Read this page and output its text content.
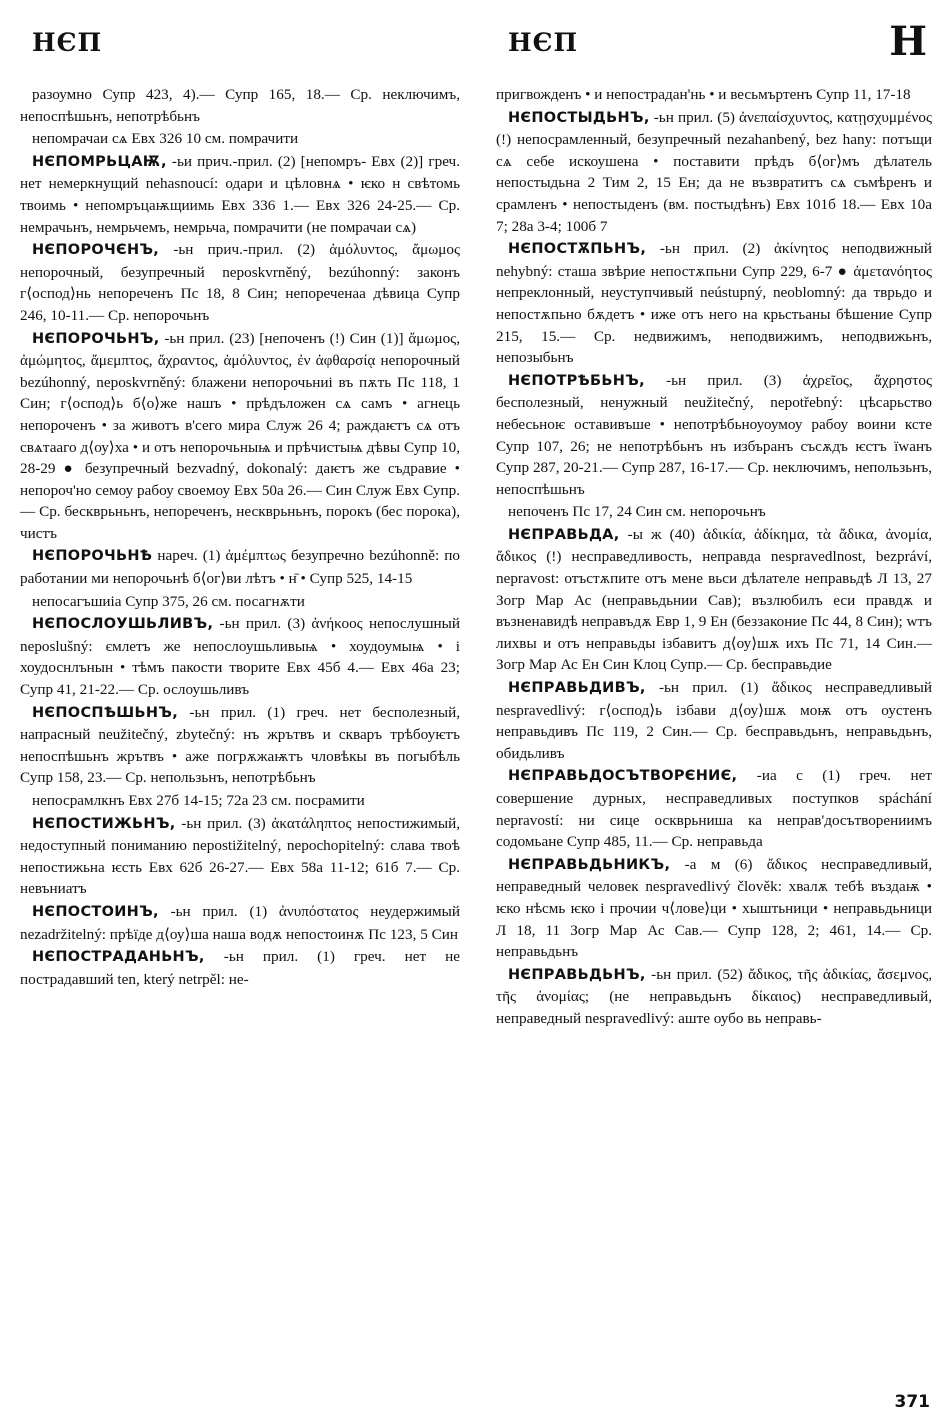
НЄП	НЄП	Н

разоумно Супр 423, 4).— Супр 165, 18.— Ср. неключимъ, непоспѣшьнъ, непотрѣбьнъ

непомрачаи сѧ Евх 326 10 см. помрачити

НЄПОМРЬЦАѬ, -ьи прич.-прил. (2) [непомръ- Евх (2)] греч. нет немеркнущий nehasnoucí: одари и цѣловнѧ • ѥко н свѣтомь твоимь • непомръцаѭщиимь Евх 336 1.— Евх 326 24-25.— Ср. немрачьнъ, немрьчемъ, немрьча, помрачити (не помрачаи сѧ)

НЄПОРОЧЄНЪ, -ьн прич.-прил. (2) ἀμόλυντος, ἄμωμος непорочный, безупречный neposkvrněný, bezúhonný: законъ г⟨оспод⟩нь непореченъ Пс 18, 8 Син; непореченаа дѣвица Супр 246, 10-11.— Ср. непорочьнъ

НЄПОРОЧЬНЪ, -ьн прил. (23) [непоченъ (!) Син (1)] ἄμωμος, ἀμώμητος, ἄμεμπτος, ἄχραντος, ἀμόλυντος, ἐν ἀφθαρσίᾳ непорочный bezúhonný, neposkvrněný: блажени непорочьниі въ пѫть Пс 118, 1 Син; г⟨оспод⟩ь б⟨о⟩же нашъ • прѣдъложен сѧ самъ • агнець непороченъ • за животъ в'сего мира Служ 26 4; раждаѥтъ сѧ отъ свѧтааго д⟨оу⟩ха • и отъ непорочьныѩ и прѣчистыѩ дѣвы Супр 10, 28-29 ● безупречный bezvadný, dokonalý: даѥтъ же съдравие • непороч'но семоу рабоу своемоу Евх 50а 26.— Син Служ Евх Супр.— Ср. бескврьньнъ, непореченъ, нескврьньнъ, порокъ (бес порока), чистъ

НЄПОРОЧЬНѢ нареч. (1) ἀμέμπτως безупречно bezúhonně: по работании ми непорочьнѣ б⟨ог⟩ви лѣтъ • н̄ • Супр 525, 14-15

непосагъшиіа Супр 375, 26 см. посагнѫти

НЄПОСЛОУШЬЛИВЪ, -ьн прил. (3) ἀνήκοος непослушный neposlušný: ємлетъ же непослоушьливыѩ • хоудоумыѩ • і хоудоснлънын • тѣмъ пакости творите Евх 45б 4.— Евх 46а 23; Супр 41, 21-22.— Ср. ослоушьливъ

НЄПОСПѢШЬНЪ, -ьн прил. (1) греч. нет бесполезный, напрасный neužitečný, zbytečný: нъ жрътвъ и скваръ трѣбоуѥтъ непоспѣшьнъ жрътвъ • аже погрѫжаѭтъ чловѣкы въ погыбѣль Супр 158, 23.— Ср. непользьнъ, непотрѣбьнъ

непосрамлкнъ Евх 27б 14-15; 72а 23 см. посрамити

НЄПОСТИЖЬНЪ, -ьн прил. (3) ἀκατάληπτος непостижимый, недоступный пониманию nepostižitelný, nepochopitelný: слава твоѣ непостижьна ѥсть Евх 62б 26-27.— Евх 58а 11-12; 61б 7.— Ср. невъниатъ

НЄПОСТОИНЪ, -ьн прил. (1) ἀνυπόστατος неудержимый nezadržitelný: прѣїде д⟨оу⟩ша наша водѫ непостоинѫ Пс 123, 5 Син

НЄПОСТРАДАНЬНЪ, -ьн прил. (1) греч. нет не пострадавший ten, který netrpěl: не-

пригвожденъ • и непострадан'нь • и весьмъртенъ Супр 11, 17-18

НЄПОСТЫДЬНЪ, -ьн прил. (5) ἀνεπαίσχυντος, κατῃσχυμμένος (!) непосрамленный, безупречный nezahanbený, bez hany: потъщи сѧ себе искоушена • поставити прѣдъ б⟨ог⟩мъ дѣлатель непостыдьна 2 Тим 2, 15 Ен; да не възвратитъ сѧ съмѣренъ и срамленъ • непостыденъ (вм. постыдѣнъ) Евх 101б 18.— Евх 10а 7; 28а 3-4; 100б 7

НЄПОСТѪПЬНЪ, -ьн прил. (2) ἀκίνητος неподвижный nehybný: сташа звѣрие непостѫпьни Супр 229, 6-7 ● ἀμετανόητος непреклонный, неуступчивый neústupný, neoblomný: да тврьдо и непостѫпьно бѫдетъ • иже отъ него на крьстьаны бѣшение Супр 215, 15.— Ср. недвижимъ, неподвижимъ, неподвижьнъ, непозыбьнъ

НЄПОТРѢБЬНЪ, -ьн прил. (3) ἀχρεῖος, ἄχρηστος бесполезный, ненужный neužitečný, nepotřebný: цѣсарьство небесьноѥ оставивъше • непотрѣбьноуоумоу рабоу воини ксте Супр 107, 26; не непотрѣбьнъ нъ избъранъ съсѫдъ ѥстъ їwанъ Супр 287, 20-21.— Супр 287, 16-17.— Ср. неключимъ, непользьнъ, непоспѣшьнъ

непоченъ Пс 17, 24 Син см. непорочьнъ

НЄПРАВЬДА, -ы ж (40) ἀδικία, ἀδίκημα, τὰ ἄδικα, ἀνομία, ἄδικος (!) несправедливость, неправда nespravedlnost, bezpráví, nepravost: отъстѫпите отъ мене вьси дѣлателе неправьдѣ Л 13, 27 Зогр Мар Ас (неправьдьнии Сав); възлюбилъ еси правдѫ и възненавидѣ неправъдѫ Евр 1, 9 Ен (беззаконие Пс 44, 8 Син); wтъ лихвы и отъ неправьды ізбавитъ д⟨оу⟩шѫ ихъ Пс 71, 14 Син.— Зогр Мар Ас Ен Син Клоц Супр.— Ср. бесправьдие

НЄПРАВЬДИВЪ, -ьн прил. (1) ἄδικος несправедливый nespravedlivý: г⟨оспод⟩ь ізбави д⟨оу⟩шѫ моѭ отъ оустенъ неправьдивъ Пс 119, 2 Син.— Ср. бесправьдьнъ, неправьдьнъ, обидьливъ

НЄПРАВЬДОСЪТВОРЄНИЄ, -иа с (1) греч. нет совершение дурных, несправедливых поступков spáchání nepravostí: ни сице оскврьниша ка неправ'досътворениимъ содомьане Супр 485, 11.— Ср. неправьда

НЄПРАВЬДЬНИКЪ, -а м (6) ἄδικος несправедливый, неправедный человек nespravedlivý člověk: хвалѫ тебѣ въздаѭ • ѥко нѣсмь ѥко і прочии ч⟨лове⟩ци • хыштьници • неправьдьници Л 18, 11 Зогр Мар Ас Сав.— Супр 128, 2; 461, 14.— Ср. неправьдьнъ

НЄПРАВЬДЬНЪ, -ьн прил. (52) ἄδικος, τῆς ἀδικίας, ἄσεμνος, τῆς ἀνομίας; (не неправьдьнъ δίκαιος) несправедливый, неправедный nespravedlivý: аште оубо вь неправь-

371
